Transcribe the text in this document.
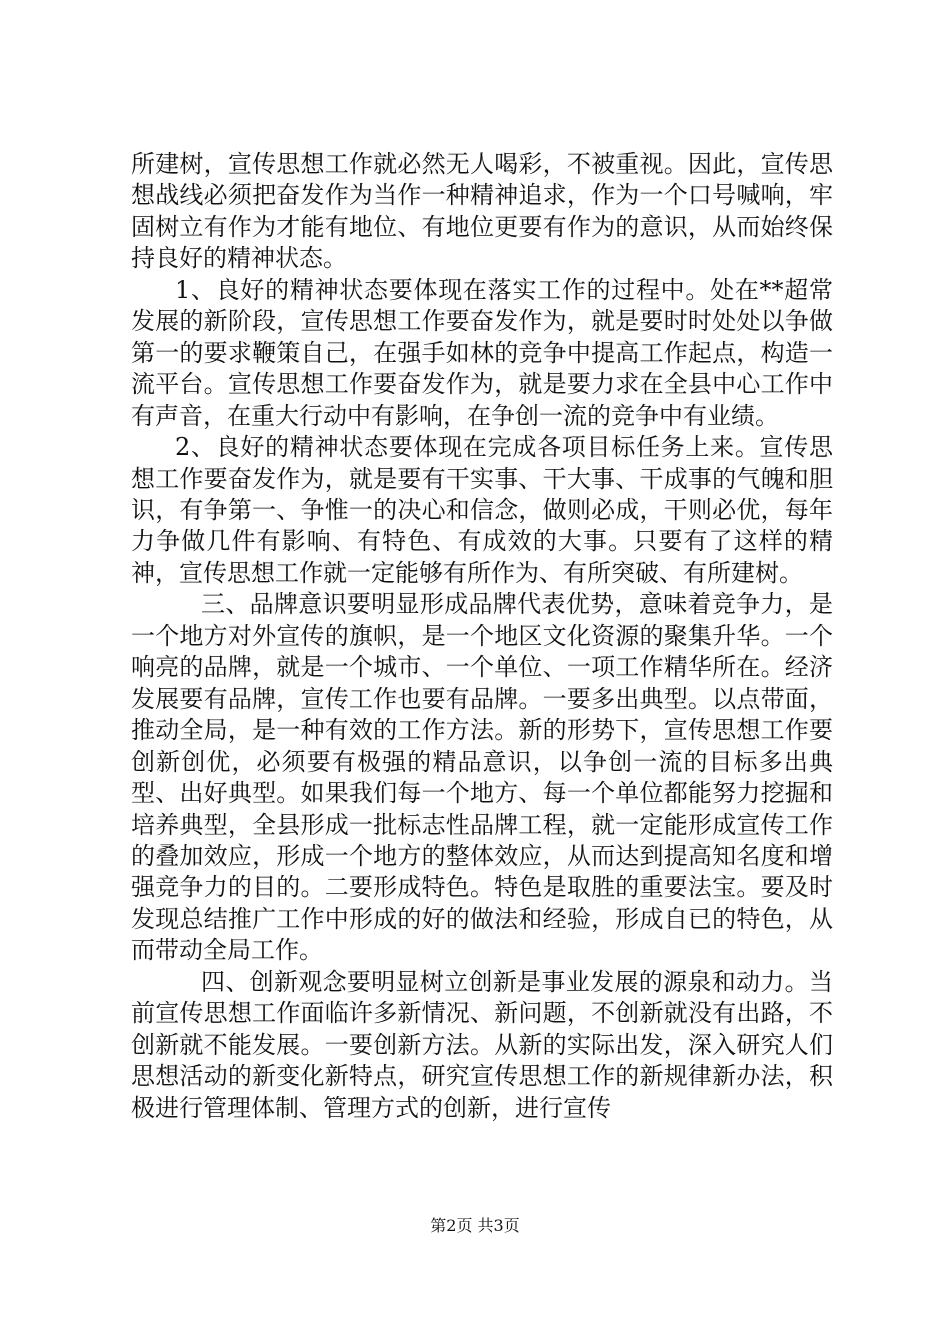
所建树，宣传思想工作就必然无人喝彩，不被重视。因此，宣传思想战线必须把奋发作为当作一种精神追求，作为一个口号喊响，牢固树立有作为才能有地位、有地位更要有作为的意识，从而始终保持良好的精神状态。

1、良好的精神状态要体现在落实工作的过程中。处在**超常发展的新阶段，宣传思想工作要奋发作为，就是要时时处处以争做第一的要求鞭策自己，在强手如林的竞争中提高工作起点，构造一流平台。宣传思想工作要奋发作为，就是要力求在全县中心工作中有声音，在重大行动中有影响，在争创一流的竞争中有业绩。

2、良好的精神状态要体现在完成各项目标任务上来。宣传思想工作要奋发作为，就是要有干实事、干大事、干成事的气魄和胆识，有争第一、争惟一的决心和信念，做则必成，干则必优，每年力争做几件有影响、有特色、有成效的大事。只要有了这样的精神，宣传思想工作就一定能够有所作为、有所突破、有所建树。

三、品牌意识要明显形成品牌代表优势，意味着竞争力，是一个地方对外宣传的旗帜，是一个地区文化资源的聚集升华。一个响亮的品牌，就是一个城市、一个单位、一项工作精华所在。经济发展要有品牌，宣传工作也要有品牌。一要多出典型。以点带面，推动全局，是一种有效的工作方法。新的形势下，宣传思想工作要创新创优，必须要有极强的精品意识，以争创一流的目标多出典型、出好典型。如果我们每一个地方、每一个单位都能努力挖掘和培养典型，全县形成一批标志性品牌工程，就一定能形成宣传工作的叠加效应，形成一个地方的整体效应，从而达到提高知名度和增强竞争力的目的。二要形成特色。特色是取胜的重要法宝。要及时发现总结推广工作中形成的好的做法和经验，形成自已的特色，从而带动全局工作。

四、创新观念要明显树立创新是事业发展的源泉和动力。当前宣传思想工作面临许多新情况、新问题，不创新就没有出路，不创新就不能发展。一要创新方法。从新的实际出发，深入研究人们思想活动的新变化新特点，研究宣传思想工作的新规律新办法，积极进行管理体制、管理方式的创新，进行宣传

第2页 共3页
